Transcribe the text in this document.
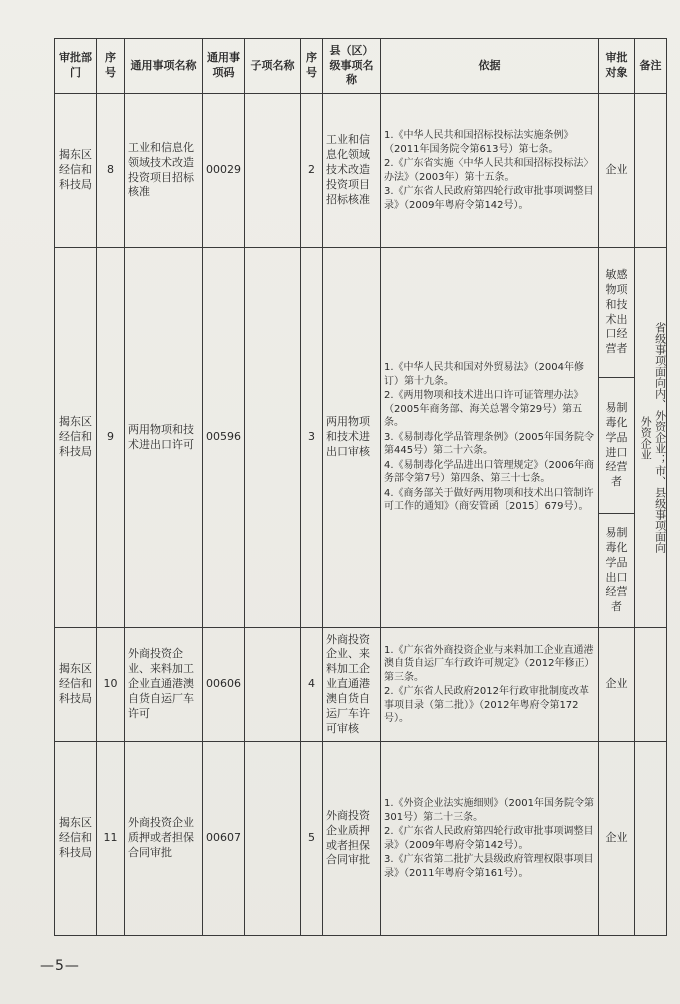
审批部门	序号	通用事项名称	通用事项码	子项名称	序号	县（区）级事项名称	依据	审批对象	备注
揭东区经信和科技局	8	工业和信息化领域技术改造投资项目招标核准	00029		2	工业和信息化领域技术改造投资项目招标核准	1.《中华人民共和国招标投标法实施条例》（2011年国务院令第613号）第七条。
2.《广东省实施〈中华人民共和国招标投标法〉办法》（2003年）第十五条。
3.《广东省人民政府第四轮行政审批事项调整目录》（2009年粤府令第142号）。	企业	
揭东区经信和科技局	9	两用物项和技术进出口许可	00596		3	两用物项和技术进出口审核	1.《中华人民共和国对外贸易法》（2004年修订）第十九条。
2.《两用物项和技术进出口许可证管理办法》（2005年商务部、海关总署令第29号）第五条。
3.《易制毒化学品管理条例》（2005年国务院令第445号）第二十六条。
4.《易制毒化学品进出口管理规定》（2006年商务部令第7号）第四条、第三十七条。
4.《商务部关于做好两用物项和技术出口管制许可工作的通知》（商安管函〔2015〕679号）。	敏感物项和技术出口经营者	省级事项面向内、外资企业；市、县级事项面向外资企业

								易制毒化学品进口经营者	
								易制毒化学品出口经营者	
揭东区经信和科技局	10	外商投资企业、来料加工企业直通港澳自货自运厂车许可	00606		4	外商投资企业、来料加工企业直通港澳自货自运厂车许可审核	1.《广东省外商投资企业与来料加工企业直通港澳自货自运厂车行政许可规定》（2012年修正）第三条。
2.《广东省人民政府2012年行政审批制度改革事项目录（第二批）》（2012年粤府令第172号）。	企业	
揭东区经信和科技局	11	外商投资企业质押或者担保合同审批	00607		5	外商投资企业质押或者担保合同审批	1.《外资企业法实施细则》（2001年国务院令第301号）第二十三条。
2.《广东省人民政府第四轮行政审批事项调整目录》（2009年粤府令第142号）。
3.《广东省第二批扩大县级政府管理权限事项目录》（2011年粤府令第161号）。	企业	
—5—
